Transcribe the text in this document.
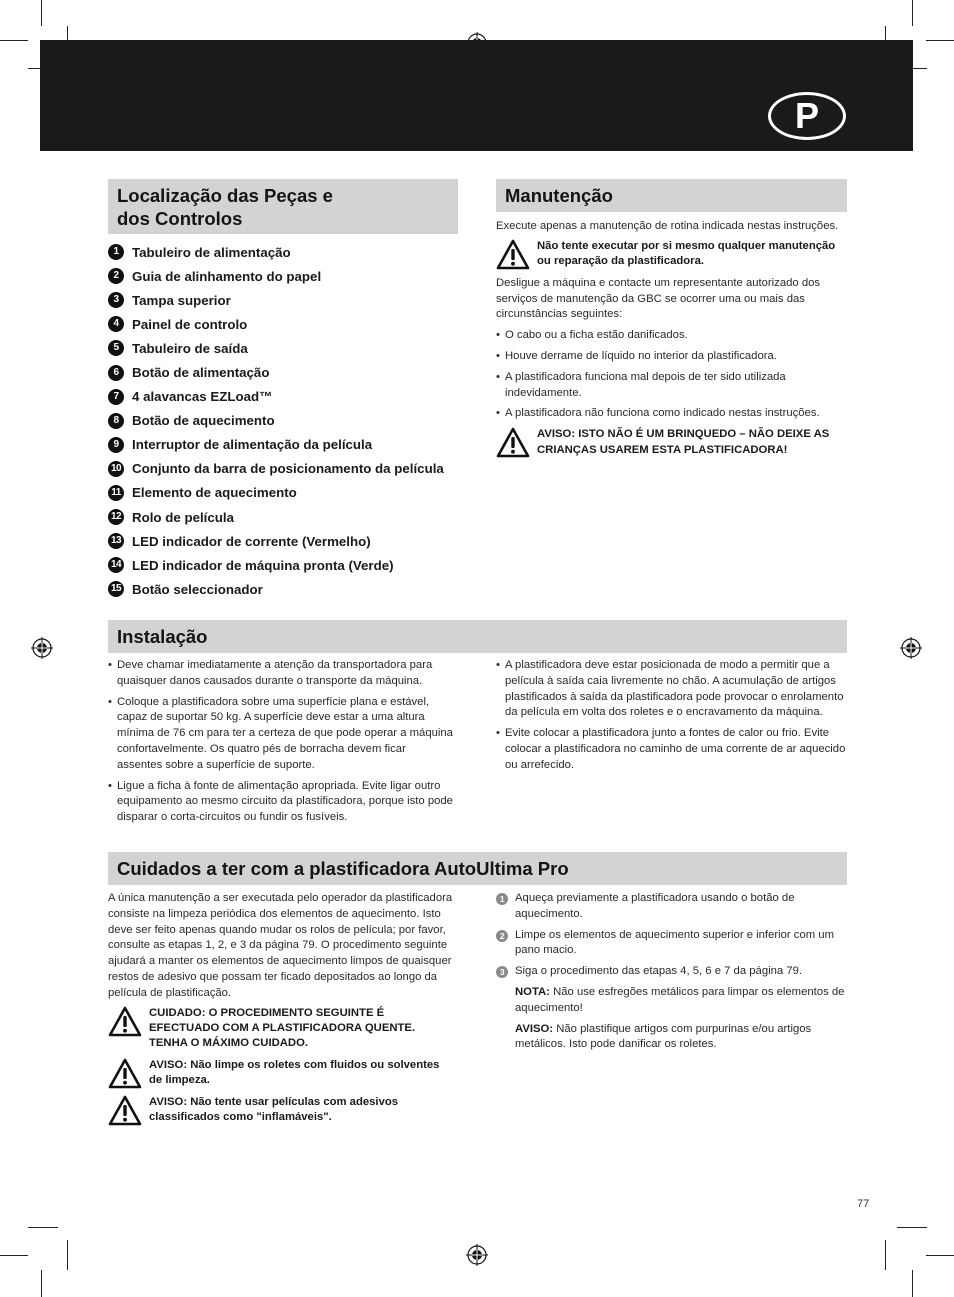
P
Localização das Peças e
dos Controlos
1	Tabuleiro de alimentação
2	Guia de alinhamento do papel
3	Tampa superior
4	Painel de controlo
5	Tabuleiro de saída
6	Botão de alimentação
7	4 alavancas EZLoad™
8	Botão de aquecimento
9	Interruptor de alimentação da película
10 Conjunto da barra de posicionamento da película
11 Elemento de aquecimento
12 Rolo de película
13 LED indicador de corrente (Vermelho)
14 LED indicador de máquina pronta (Verde)
15 Botão seleccionador
Manutenção

Execute apenas a manutenção de rotina indicada nestas instruções.

Não tente executar por si mesmo qualquer manutenção ou reparação da plastificadora.

Desligue a máquina e contacte um representante autorizado dos serviços de manutenção da GBC se ocorrer uma ou mais das circunstâncias seguintes:

• O cabo ou a ficha estão danificados.
• Houve derrame de líquido no interior da plastificadora.
• A plastificadora funciona mal depois de ter sido utilizada indevidamente.
• A plastificadora não funciona como indicado nestas instruções.
AVISO: ISTO NÃO É UM BRINQUEDO – NÃO DEIXE AS CRIANÇAS USAREM ESTA PLASTIFICADORA!
Instalação
• Deve chamar imediatamente a atenção da transportadora para quaisquer danos causados durante o transporte da máquina.
• Coloque a plastificadora sobre uma superfície plana e estável, capaz de suportar 50 kg. A superfície deve estar a uma altura mínima de 76 cm para ter a certeza de que pode operar a máquina confortavelmente. Os quatro pés de borracha devem ficar assentes sobre a superfície de suporte.
• Ligue a ficha à fonte de alimentação apropriada. Evite ligar outro equipamento ao mesmo circuito da plastificadora, porque isto pode disparar o corta-circuitos ou fundir os fusíveis.
• A plastificadora deve estar posicionada de modo a permitir que a película à saída caia livremente no chão. A acumulação de artigos plastificados à saída da plastificadora pode provocar o enrolamento da película em volta dos roletes e o encravamento da máquina.
• Evite colocar a plastificadora junto a fontes de calor ou frio. Evite colocar a plastificadora no caminho de uma corrente de ar aquecido ou arrefecido.
Cuidados a ter com a plastificadora AutoUltima Pro

A única manutenção a ser executada pelo operador da plastificadora consiste na limpeza periódica dos elementos de aquecimento. Isto deve ser feito apenas quando mudar os rolos de película; por favor, consulte as etapas 1, 2, e 3 da página 79. O procedimento seguinte ajudará a manter os elementos de aquecimento limpos de quaisquer restos de adesivo que possam ter ficado depositados ao longo da película de plastificação.

CUIDADO: O PROCEDIMENTO SEGUINTE É EFECTUADO COM A PLASTIFICADORA QUENTE. TENHA O MÁXIMO CUIDADO.
AVISO: Não limpe os roletes com fluidos ou solventes de limpeza.
AVISO: Não tente usar películas com adesivos classificados como "inflamáveis".
1 Aqueça previamente a plastificadora usando o botão de aquecimento.
2 Limpe os elementos de aquecimento superior e inferior com um pano macio.
3 Siga o procedimento das etapas 4, 5, 6 e 7 da página 79.
NOTA: Não use esfregões metálicos para limpar os elementos de aquecimento!
AVISO: Não plastifique artigos com purpurinas e/ou artigos metálicos. Isto pode danificar os roletes.
77
